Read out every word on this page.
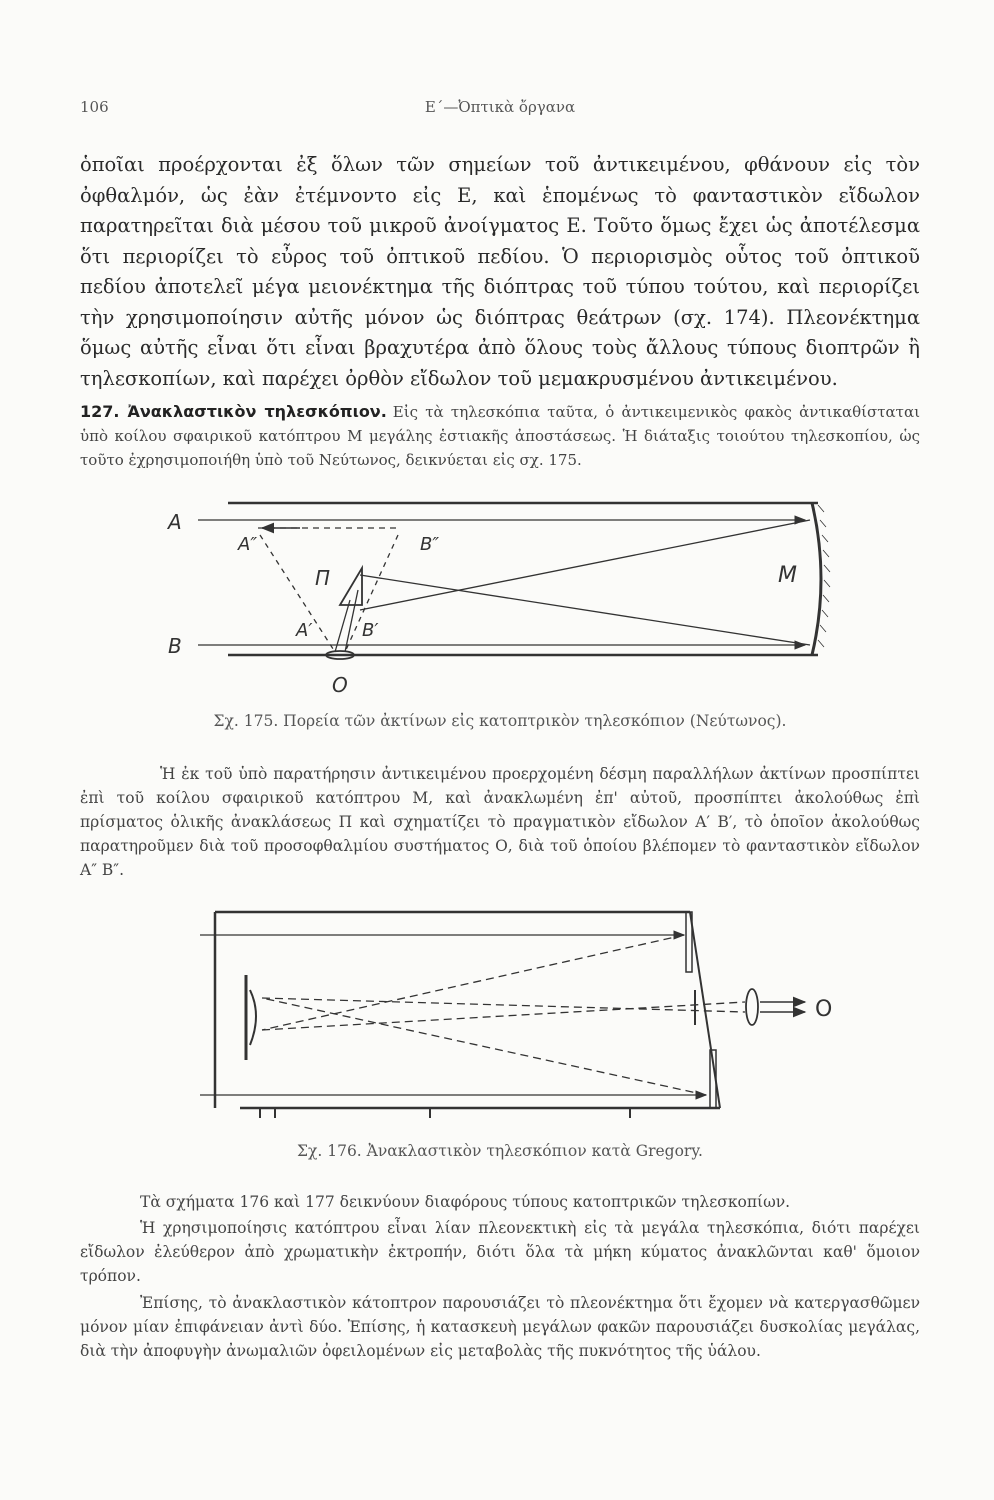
106	Ε΄—Ὀπτικὰ ὄργανα

ὁποῖαι προέρχονται ἐξ ὅλων τῶν σημείων τοῦ ἀντικειμένου, φθάνουν εἰς τὸν ὀφθαλμόν, ὡς ἐὰν ἐτέμνοντο εἰς Ε, καὶ ἑπομένως τὸ φανταστικὸν εἴδωλον παρατηρεῖται διὰ μέσου τοῦ μικροῦ ἀνοίγματος Ε. Τοῦτο ὅμως ἔχει ὡς ἀποτέλεσμα ὅτι περιορίζει τὸ εὖρος τοῦ ὀπτικοῦ πεδίου. Ὁ περιορισμὸς οὗτος τοῦ ὀπτικοῦ πεδίου ἀποτελεῖ μέγα μειονέκτημα τῆς διόπτρας τοῦ τύπου τούτου, καὶ περιορίζει τὴν χρησιμοποίησιν αὐτῆς μόνον ὡς διόπτρας θεάτρων (σχ. 174). Πλεονέκτημα ὅμως αὐτῆς εἶναι ὅτι εἶναι βραχυτέρα ἀπὸ ὅλους τοὺς ἄλλους τύπους διοπτρῶν ἢ τηλεσκοπίων, καὶ παρέχει ὀρθὸν εἴδωλον τοῦ μεμακρυσμένου ἀντικειμένου.

127. Ἀνακλαστικὸν τηλεσκόπιον. Εἰς τὰ τηλεσκόπια ταῦτα, ὁ ἀντικειμενικὸς φακὸς ἀντικαθίσταται ὑπὸ κοίλου σφαιρικοῦ κατόπτρου Μ μεγάλης ἑστιακῆς ἀποστάσεως. Ἡ διάταξις τοιούτου τηλεσκοπίου, ὡς τοῦτο ἐχρησιμοποιήθη ὑπὸ τοῦ Νεύτωνος, δεικνύεται εἰς σχ. 175.

A
B
A″	B″
Π	M
A′	B′
O
Σχ. 175. Πορεία τῶν ἀκτίνων εἰς κατοπτρικὸν τηλεσκόπιον (Νεύτωνος).

Ἡ ἐκ τοῦ ὑπὸ παρατήρησιν ἀντικειμένου προερχομένη δέσμη παραλλήλων ἀκτίνων προσπίπτει ἐπὶ τοῦ κοίλου σφαιρικοῦ κατόπτρου Μ, καὶ ἀνακλωμένη ἐπ' αὐτοῦ, προσπίπτει ἀκολούθως ἐπὶ πρίσματος ὁλικῆς ἀνακλάσεως Π καὶ σχηματίζει τὸ πραγματικὸν εἴδωλον Α′ Β′, τὸ ὁποῖον ἀκολούθως παρατηροῦμεν διὰ τοῦ προσοφθαλμίου συστήματος Ο, διὰ τοῦ ὁποίου βλέπομεν τὸ φανταστικὸν εἴδωλον Α″ Β″.

O
Σχ. 176. Ἀνακλαστικὸν τηλεσκόπιον κατὰ Gregory.

Τὰ σχήματα 176 καὶ 177 δεικνύουν διαφόρους τύπους κατοπτρικῶν τηλεσκοπίων.

Ἡ χρησιμοποίησις κατόπτρου εἶναι λίαν πλεονεκτικὴ εἰς τὰ μεγάλα τηλεσκόπια, διότι παρέχει εἴδωλον ἐλεύθερον ἀπὸ χρωματικὴν ἐκτροπήν, διότι ὅλα τὰ μήκη κύματος ἀνακλῶνται καθ' ὅμοιον τρόπον.

Ἐπίσης, τὸ ἀνακλαστικὸν κάτοπτρον παρουσιάζει τὸ πλεονέκτημα ὅτι ἔχομεν νὰ κατεργασθῶμεν μόνον μίαν ἐπιφάνειαν ἀντὶ δύο. Ἐπίσης, ἡ κατασκευὴ μεγάλων φακῶν παρουσιάζει δυσκολίας μεγάλας, διὰ τὴν ἀποφυγὴν ἀνωμαλιῶν ὀφειλομένων εἰς μεταβολὰς τῆς πυκνότητος τῆς ὑάλου.
